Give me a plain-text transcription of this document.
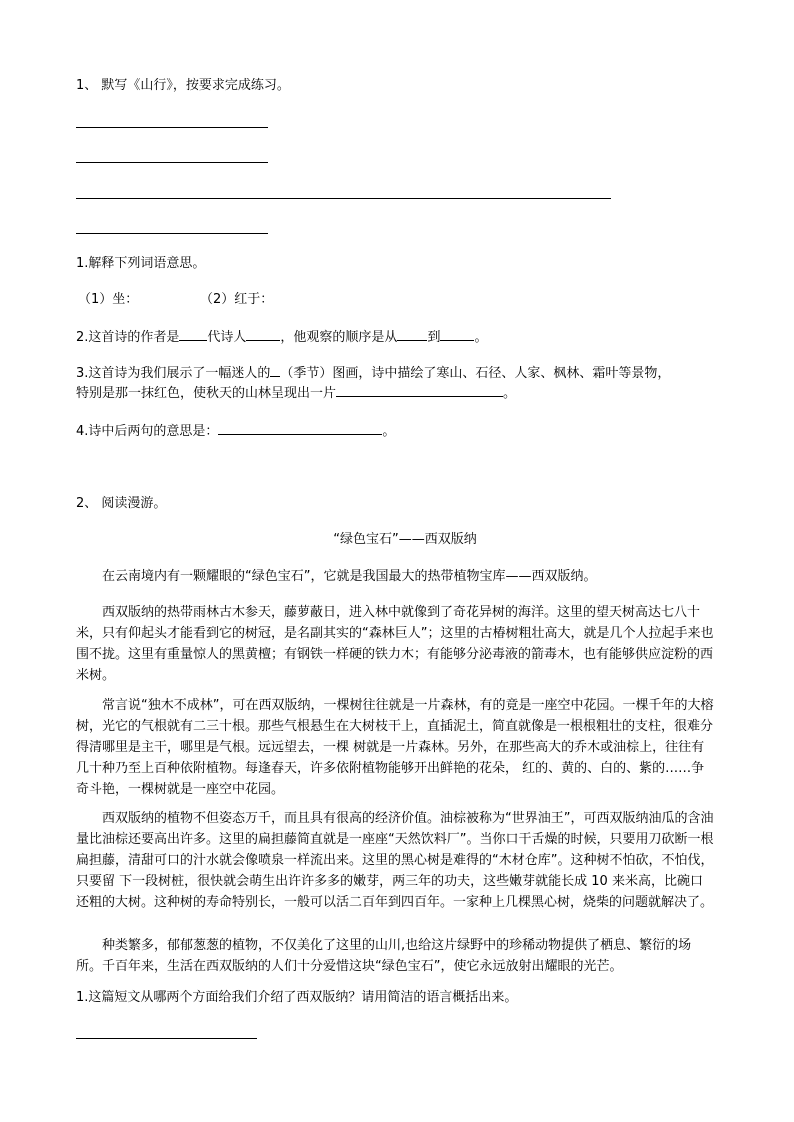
1、 默写《山行》，按要求完成练习。
1.解释下列词语意思。
（1）坐：	（2）红于：
2.这首诗的作者是 代诗人	，他观察的顺序是从 到	。
3.这首诗为我们展示了一幅迷人的 （季节）图画，诗中描绘了寒山、石径、人家、枫林、霜叶等景物，
特别是那一抹红色，使秋天的山林呈现出一片	。
4.诗中后两句的意思是：	。
2、 阅读漫游。
“绿色宝石”——西双版纳
在云南境内有一颗耀眼的“绿色宝石”，它就是我国最大的热带植物宝库——西双版纳。
西双版纳的热带雨林古木参天，藤萝蔽日，进入林中就像到了奇花异树的海洋。这里的望天树高达七八十米，只有仰起头才能看到它的树冠，是名副其实的“森林巨人”；这里的古椿树粗壮高大，就是几个人拉起手来也围不拢。这里有重量惊人的黑黄檀；有钢铁一样硬的铁力木；有能够分泌毒液的箭毒木，也有能够供应淀粉的西米树。
常言说“独木不成林”，可在西双版纳，一棵树往往就是一片森林，有的竟是一座空中花园。一棵千年的大榕树，光它的气根就有二三十根。那些气根悬生在大树枝干上，直插泥土，简直就像是一根根粗壮的支柱，很难分得清哪里是主干，哪里是气根。远远望去，一棵 树就是一片森林。另外，在那些高大的乔木或油棕上，往往有几十种乃至上百种依附植物。每逢春天，许多依附植物能够开出鲜艳的花朵， 红的、黄的、白的、紫的……争奇斗艳，一棵树就是一座空中花园。
西双版纳的植物不但姿态万千，而且具有很高的经济价值。油棕被称为“世界油王”，可西双版纳油瓜的含油量比油棕还要高出许多。这里的扁担藤简直就是一座座“天然饮料厂”。当你口干舌燥的时候，只要用刀砍断一根扁担藤，清甜可口的汁水就会像喷泉一样流出来。这里的黑心树是难得的“木材仓库”。这种树不怕砍，不怕伐，只要留 下一段树桩，很快就会萌生出许许多多的嫩芽，两三年的功夫，这些嫩芽就能长成 10 来米高，比碗口还粗的大树。这种树的寿命特别长，一般可以活二百年到四百年。一家种上几棵黑心树，烧柴的问题就解决了。
种类繁多，郁郁葱葱的植物，不仅美化了这里的山川,也给这片绿野中的珍稀动物提供了栖息、繁衍的场所。千百年来，生活在西双版纳的人们十分爱惜这块“绿色宝石”，使它永远放射出耀眼的光芒。
1.这篇短文从哪两个方面给我们介绍了西双版纳？请用简洁的语言概括出来。
